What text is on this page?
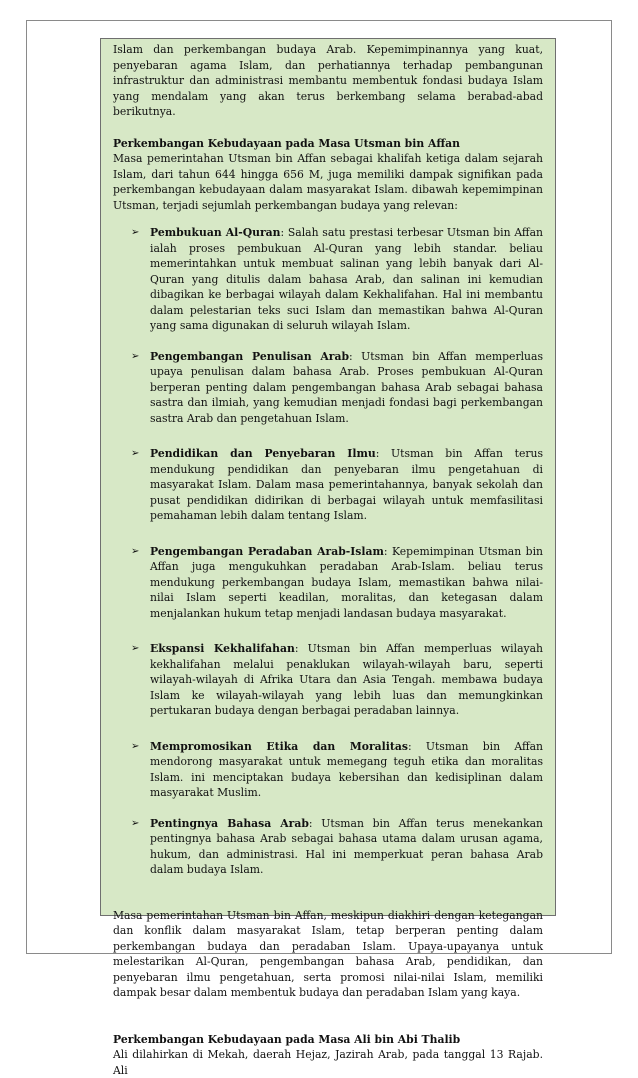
Islam dan perkembangan budaya Arab. Kepemimpinannya yang kuat, penyebaran agama Islam, dan perhatiannya terhadap pembangunan infrastruktur dan administrasi membantu membentuk fondasi budaya Islam yang mendalam yang akan terus berkembang selama berabad-abad berikutnya.

Perkembangan Kebudayaan pada Masa Utsman bin Affan

Masa pemerintahan Utsman bin Affan sebagai khalifah ketiga dalam sejarah Islam, dari tahun 644 hingga 656 M, juga memiliki dampak signifikan pada perkembangan kebudayaan dalam masyarakat Islam. dibawah kepemimpinan Utsman, terjadi sejumlah perkembangan budaya yang relevan:

➢ Pembukuan Al-Quran: Salah satu prestasi terbesar Utsman bin Affan ialah proses pembukuan Al-Quran yang lebih standar. beliau memerintahkan untuk membuat salinan yang lebih banyak dari Al-Quran yang ditulis dalam bahasa Arab, dan salinan ini kemudian dibagikan ke berbagai wilayah dalam Kekhalifahan. Hal ini membantu dalam pelestarian teks suci Islam dan memastikan bahwa Al-Quran yang sama digunakan di seluruh wilayah Islam.
➢ Pengembangan Penulisan Arab: Utsman bin Affan memperluas upaya penulisan dalam bahasa Arab. Proses pembukuan Al-Quran berperan penting dalam pengembangan bahasa Arab sebagai bahasa sastra dan ilmiah, yang kemudian menjadi fondasi bagi perkembangan sastra Arab dan pengetahuan Islam.
➢ Pendidikan dan Penyebaran Ilmu: Utsman bin Affan terus mendukung pendidikan dan penyebaran ilmu pengetahuan di masyarakat Islam. Dalam masa pemerintahannya, banyak sekolah dan pusat pendidikan didirikan di berbagai wilayah untuk memfasilitasi pemahaman lebih dalam tentang Islam.
➢ Pengembangan Peradaban Arab-Islam: Kepemimpinan Utsman bin Affan juga mengukuhkan peradaban Arab-Islam. beliau terus mendukung perkembangan budaya Islam, memastikan bahwa nilai-nilai Islam seperti keadilan, moralitas, dan ketegasan dalam menjalankan hukum tetap menjadi landasan budaya masyarakat.
➢ Ekspansi Kekhalifahan: Utsman bin Affan memperluas wilayah kekhalifahan melalui penaklukan wilayah-wilayah baru, seperti wilayah-wilayah di Afrika Utara dan Asia Tengah. membawa budaya Islam ke wilayah-wilayah yang lebih luas dan memungkinkan pertukaran budaya dengan berbagai peradaban lainnya.
➢ Mempromosikan Etika dan Moralitas: Utsman bin Affan mendorong masyarakat untuk memegang teguh etika dan moralitas Islam. ini menciptakan budaya kebersihan dan kedisiplinan dalam masyarakat Muslim.
➢ Pentingnya Bahasa Arab: Utsman bin Affan terus menekankan pentingnya bahasa Arab sebagai bahasa utama dalam urusan agama, hukum, dan administrasi. Hal ini memperkuat peran bahasa Arab dalam budaya Islam.

Masa pemerintahan Utsman bin Affan, meskipun diakhiri dengan ketegangan dan konflik dalam masyarakat Islam, tetap berperan penting dalam perkembangan budaya dan peradaban Islam. Upaya-upayanya untuk melestarikan Al-Quran, pengembangan bahasa Arab, pendidikan, dan penyebaran ilmu pengetahuan, serta promosi nilai-nilai Islam, memiliki dampak besar dalam membentuk budaya dan peradaban Islam yang kaya.

Perkembangan Kebudayaan pada Masa Ali bin Abi Thalib

Ali dilahirkan di Mekah, daerah Hejaz, Jazirah Arab, pada tanggal 13 Rajab. Ali
